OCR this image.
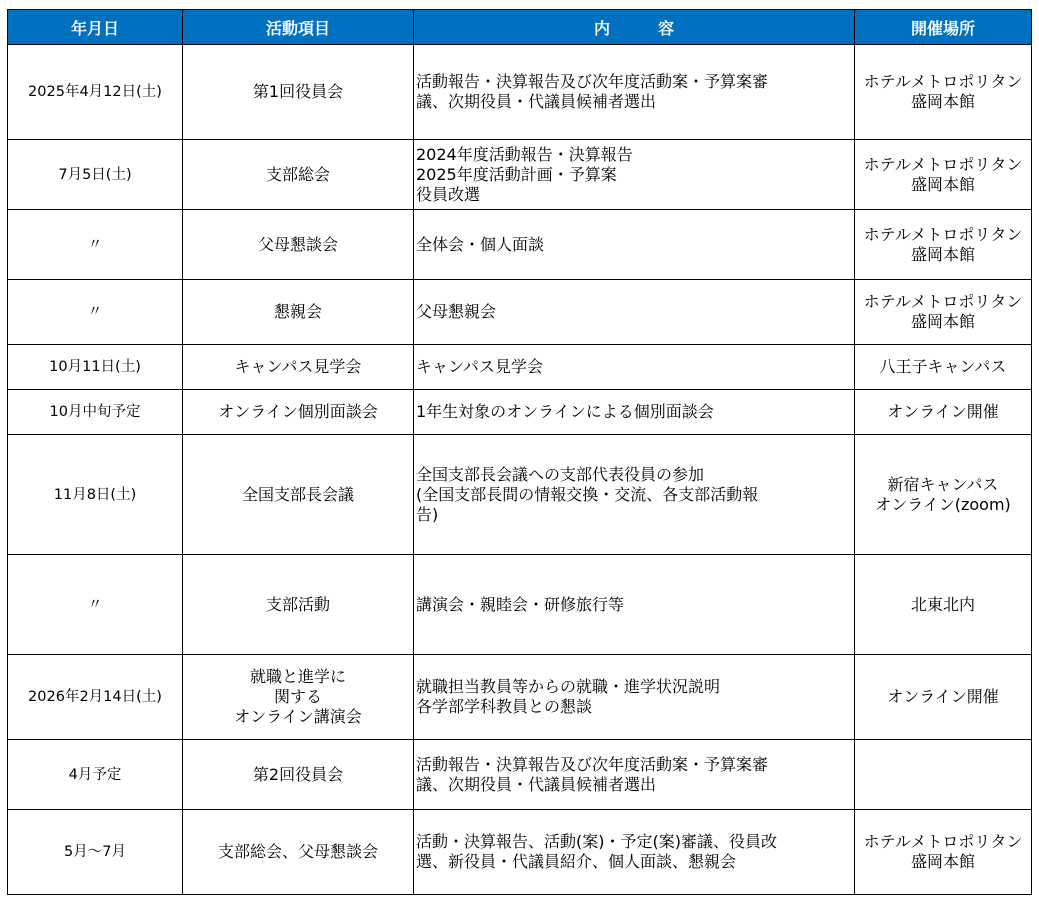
年月日	活動項目	内　　　容	開催場所

2025年4月12日(土)	第1回役員会	活動報告・決算報告及び次年度活動案・予算案審
議、次期役員・代議員候補者選出	ホテルメトロポリタン
盛岡本館

7月5日(土)	支部総会	2024年度活動報告・決算報告
2025年度活動計画・予算案
役員改選	ホテルメトロポリタン
盛岡本館

〃	父母懇談会	全体会・個人面談	ホテルメトロポリタン
盛岡本館

〃	懇親会	父母懇親会	ホテルメトロポリタン
盛岡本館

10月11日(土)	キャンパス見学会	キャンパス見学会	八王子キャンパス

10月中旬予定	オンライン個別面談会	1年生対象のオンラインによる個別面談会	オンライン開催

11月8日(土)	全国支部長会議	全国支部長会議への支部代表役員の参加
(全国支部長間の情報交換・交流、各支部活動報
告)	新宿キャンパス
オンライン(zoom)

〃	支部活動	講演会・親睦会・研修旅行等	北東北内

2026年2月14日(土)	就職と進学に
関する
オンライン講演会	就職担当教員等からの就職・進学状況説明
各学部学科教員との懇談	オンライン開催

4月予定	第2回役員会	活動報告・決算報告及び次年度活動案・予算案審
議、次期役員・代議員候補者選出	

5月～7月	支部総会、父母懇談会	活動・決算報告、活動(案)・予定(案)審議、役員改
選、新役員・代議員紹介、個人面談、懇親会	ホテルメトロポリタン
盛岡本館
